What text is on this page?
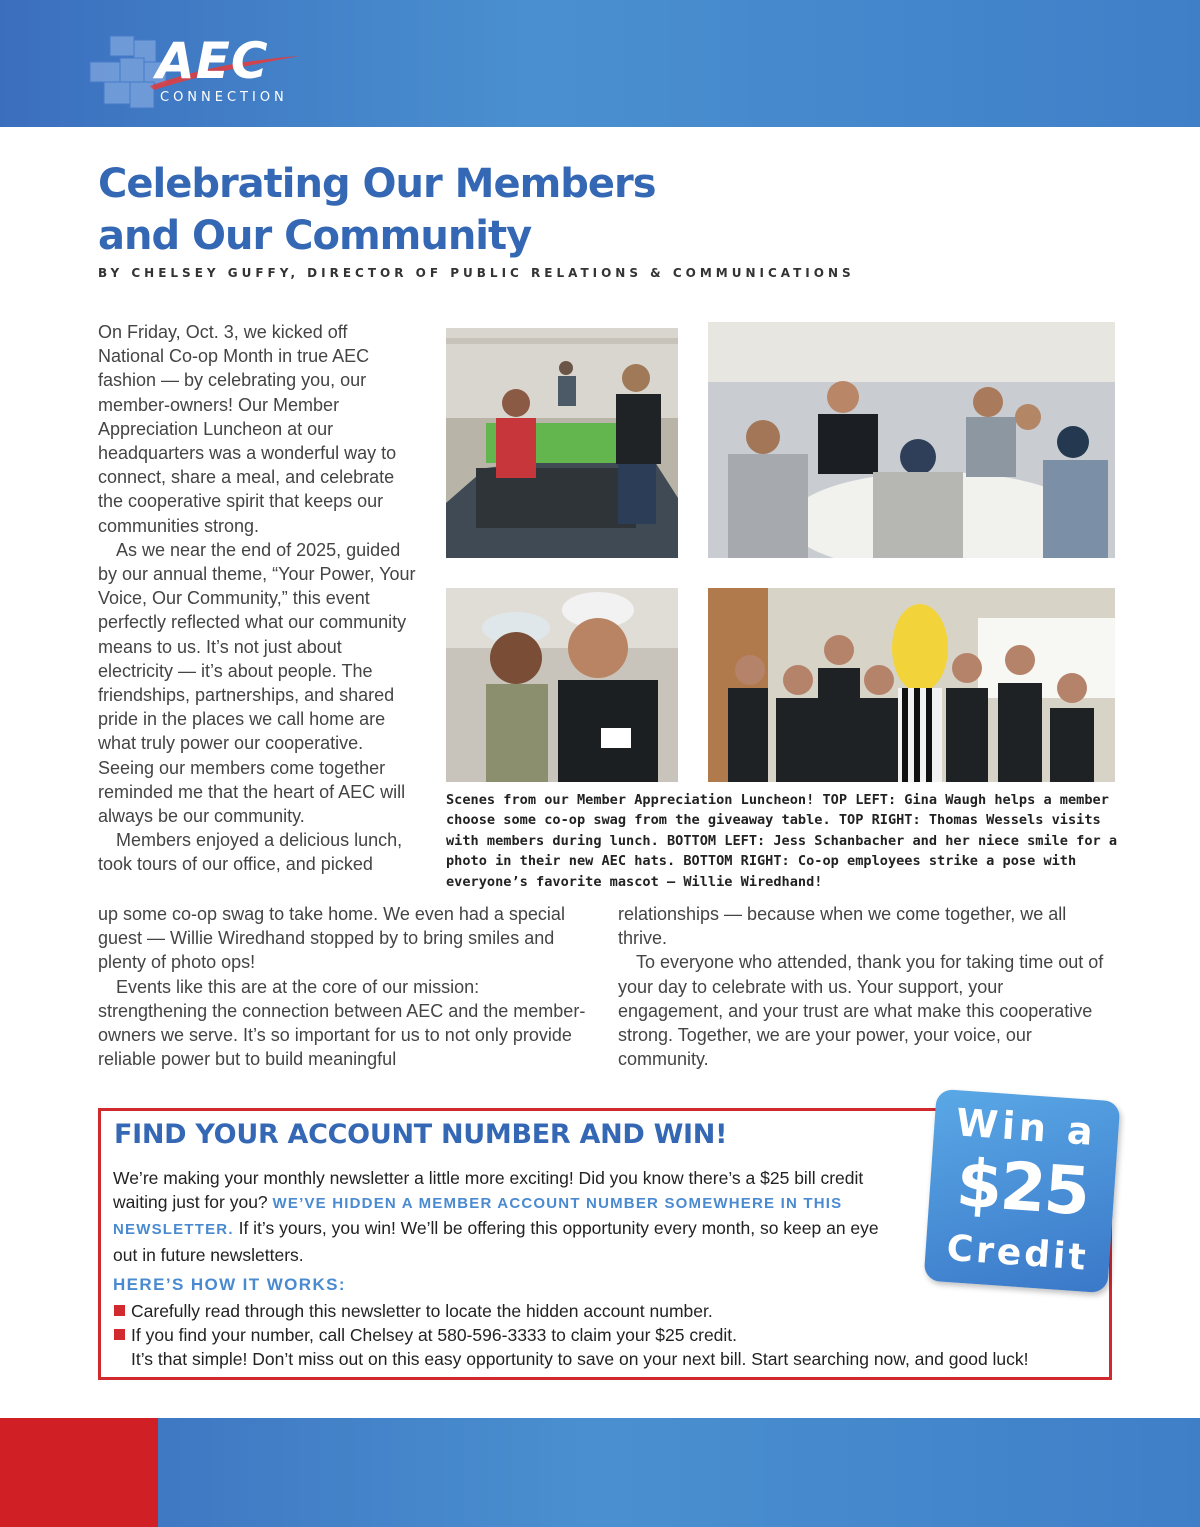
AEC
CONNECTION
Celebrating Our Members
and Our Community
BY CHELSEY GUFFY, DIRECTOR OF PUBLIC RELATIONS & COMMUNICATIONS

On Friday, Oct. 3, we kicked off National Co-op Month in true AEC fashion — by celebrating you, our member-owners! Our Member Appreciation Luncheon at our headquarters was a wonderful way to connect, share a meal, and celebrate the cooperative spirit that keeps our communities strong.

As we near the end of 2025, guided by our annual theme, “Your Power, Your Voice, Our Community,” this event perfectly reflected what our community means to us. It’s not just about electricity — it’s about people. The friendships, partnerships, and shared pride in the places we call home are what truly power our cooperative. Seeing our members come together reminded me that the heart of AEC will always be our community.

Members enjoyed a delicious lunch, took tours of our office, and picked

up some co-op swag to take home. We even had a special guest — Willie Wiredhand stopped by to bring smiles and plenty of photo ops!

Events like this are at the core of our mission: strengthening the connection between AEC and the member-owners we serve. It’s so important for us to not only provide reliable power but to build meaningful

relationships — because when we come together, we all thrive.

To everyone who attended, thank you for taking time out of your day to celebrate with us. Your support, your engagement, and your trust are what make this cooperative strong. Together, we are your power, your voice, our community.

Scenes from our Member Appreciation Luncheon! TOP LEFT: Gina Waugh helps a member choose some co-op swag from the giveaway table. TOP RIGHT: Thomas Wessels visits with members during lunch. BOTTOM LEFT: Jess Schanbacher and her niece smile for a photo in their new AEC hats. BOTTOM RIGHT: Co-op employees strike a pose with everyone’s favorite mascot — Willie Wiredhand!
FIND YOUR ACCOUNT NUMBER AND WIN!
We’re making your monthly newsletter a little more exciting! Did you know there’s a $25 bill credit waiting just for you? WE’VE HIDDEN A MEMBER ACCOUNT NUMBER SOMEWHERE IN THIS NEWSLETTER. If it’s yours, you win! We’ll be offering this opportunity every month, so keep an eye out in future newsletters.
HERE’S HOW IT WORKS:
Carefully read through this newsletter to locate the hidden account number.
If you find your number, call Chelsey at 580-596-3333 to claim your $25 credit.
It’s that simple! Don’t miss out on this easy opportunity to save on your next bill. Start searching now, and good luck!
Win a
$25
Credit
